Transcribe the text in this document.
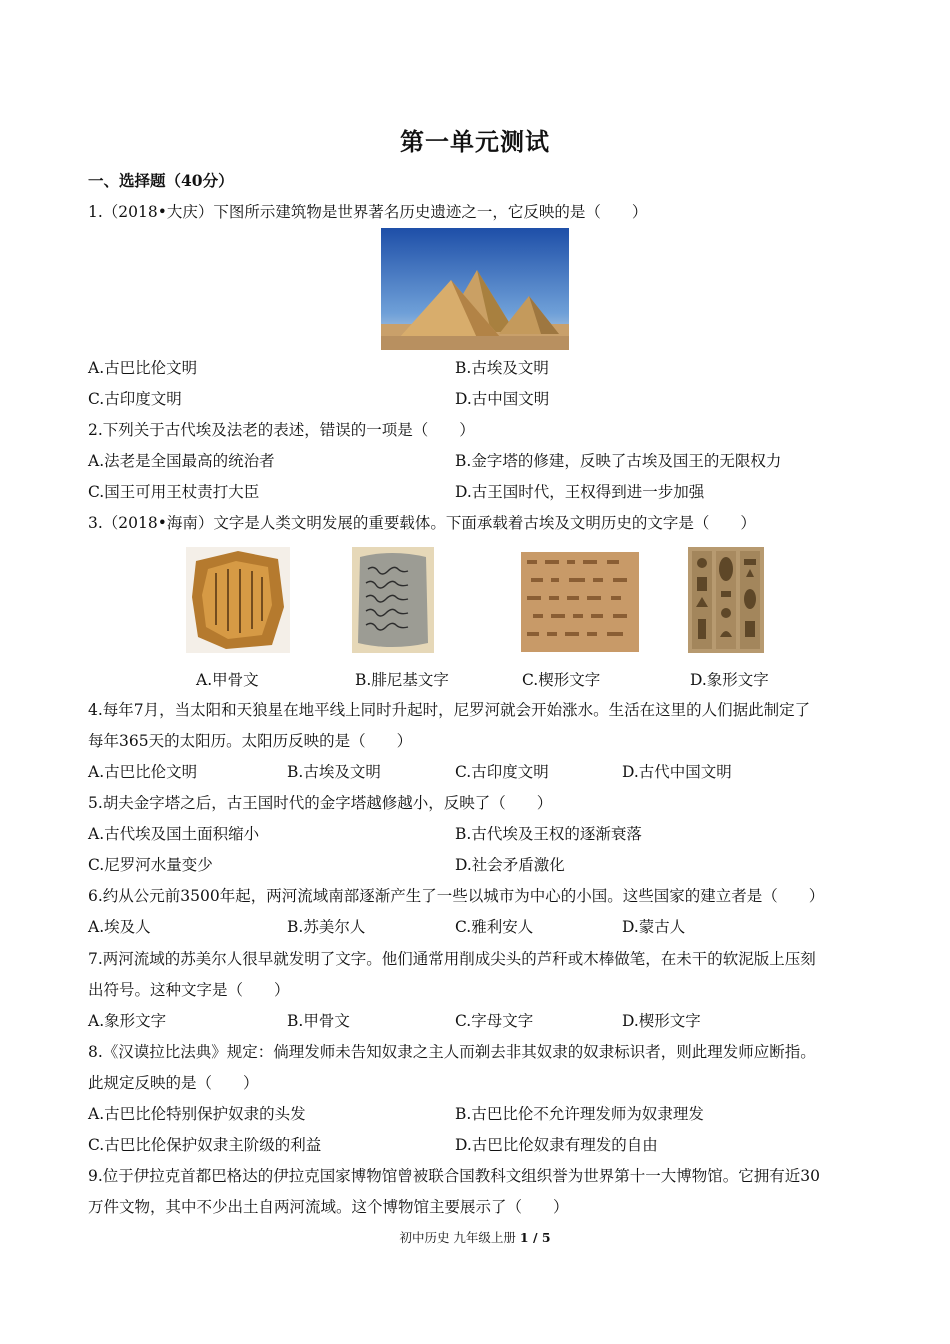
第一单元测试
一、选择题（40分）
1.（2018•大庆）下图所示建筑物是世界著名历史遗迹之一，它反映的是（　　）
A.古巴比伦文明	B.古埃及文明
C.古印度文明	D.古中国文明
2.下列关于古代埃及法老的表述，错误的一项是（　　）
A.法老是全国最高的统治者	B.金字塔的修建，反映了古埃及国王的无限权力
C.国王可用王杖责打大臣	D.古王国时代，王权得到进一步加强
3.（2018•海南）文字是人类文明发展的重要载体。下面承载着古埃及文明历史的文字是（　　）
A.甲骨文	B.腓尼基文字	C.楔形文字	D.象形文字
4.每年7月，当太阳和天狼星在地平线上同时升起时，尼罗河就会开始涨水。生活在这里的人们据此制定了
每年365天的太阳历。太阳历反映的是（　　）
A.古巴比伦文明	B.古埃及文明	C.古印度文明	D.古代中国文明
5.胡夫金字塔之后，古王国时代的金字塔越修越小，反映了（　　）
A.古代埃及国土面积缩小	B.古代埃及王权的逐渐衰落
C.尼罗河水量变少	D.社会矛盾激化
6.约从公元前3500年起，两河流域南部逐渐产生了一些以城市为中心的小国。这些国家的建立者是（　　）
A.埃及人	B.苏美尔人	C.雅利安人	D.蒙古人
7.两河流域的苏美尔人很早就发明了文字。他们通常用削成尖头的芦秆或木棒做笔，在未干的软泥版上压刻
出符号。这种文字是（　　）
A.象形文字	B.甲骨文	C.字母文字	D.楔形文字
8.《汉谟拉比法典》规定：倘理发师未告知奴隶之主人而剃去非其奴隶的奴隶标识者，则此理发师应断指。
此规定反映的是（　　）
A.古巴比伦特别保护奴隶的头发	B.古巴比伦不允许理发师为奴隶理发
C.古巴比伦保护奴隶主阶级的利益	D.古巴比伦奴隶有理发的自由
9.位于伊拉克首都巴格达的伊拉克国家博物馆曾被联合国教科文组织誉为世界第十一大博物馆。它拥有近30
万件文物，其中不少出土自两河流域。这个博物馆主要展示了（　　）
初中历史 九年级上册 1 / 5
